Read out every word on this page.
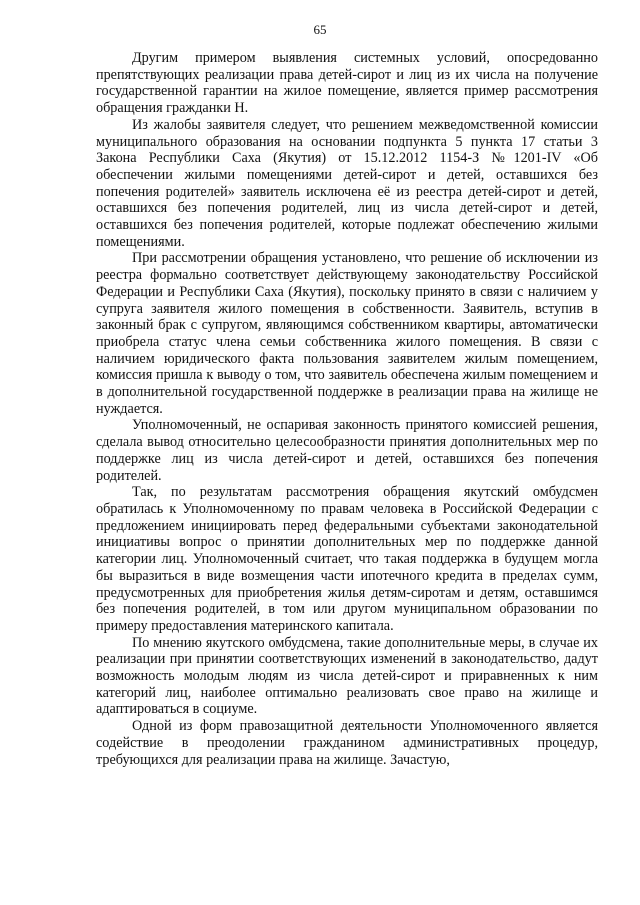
65

Другим примером выявления системных условий, опосредованно препятствующих реализации права детей-сирот и лиц из их числа на получение государственной гарантии на жилое помещение, является пример рассмотрения обращения гражданки Н.

Из жалобы заявителя следует, что решением межведомственной комиссии муниципального образования на основании подпункта 5 пункта 17 статьи 3 Закона Республики Саха (Якутия) от 15.12.2012 1154-З №1201-IV «Об обеспечении жилыми помещениями детей-сирот и детей, оставшихся без попечения родителей» заявитель исключена её из реестра детей-сирот и детей, оставшихся без попечения родителей, лиц из числа детей-сирот и детей, оставшихся без попечения родителей, которые подлежат обеспечению жилыми помещениями.

При рассмотрении обращения установлено, что решение об исключении из реестра формально соответствует действующему законодательству Российской Федерации и Республики Саха (Якутия), поскольку принято в связи с наличием у супруга заявителя жилого помещения в собственности. Заявитель, вступив в законный брак с супругом, являющимся собственником квартиры, автоматически приобрела статус члена семьи собственника жилого помещения. В связи с наличием юридического факта пользования заявителем жилым помещением, комиссия пришла к выводу о том, что заявитель обеспечена жилым помещением и в дополнительной государственной поддержке в реализации права на жилище не нуждается.

Уполномоченный, не оспаривая законность принятого комиссией решения, сделала вывод относительно целесообразности принятия дополнительных мер по поддержке лиц из числа детей-сирот и детей, оставшихся без попечения родителей.

Так, по результатам рассмотрения обращения якутский омбудсмен обратилась к Уполномоченному по правам человека в Российской Федерации с предложением инициировать перед федеральными субъектами законодательной инициативы вопрос о принятии дополнительных мер по поддержке данной категории лиц. Уполномоченный считает, что такая поддержка в будущем могла бы выразиться в виде возмещения части ипотечного кредита в пределах сумм, предусмотренных для приобретения жилья детям-сиротам и детям, оставшимся без попечения родителей, в том или другом муниципальном образовании по примеру предоставления материнского капитала.

По мнению якутского омбудсмена, такие дополнительные меры, в случае их реализации при принятии соответствующих изменений в законодательство, дадут возможность молодым людям из числа детей-сирот и приравненных к ним категорий лиц, наиболее оптимально реализовать свое право на жилище и адаптироваться в социуме.

Одной из форм правозащитной деятельности Уполномоченного является содействие в преодолении гражданином административных процедур, требующихся для реализации права на жилище. Зачастую,
